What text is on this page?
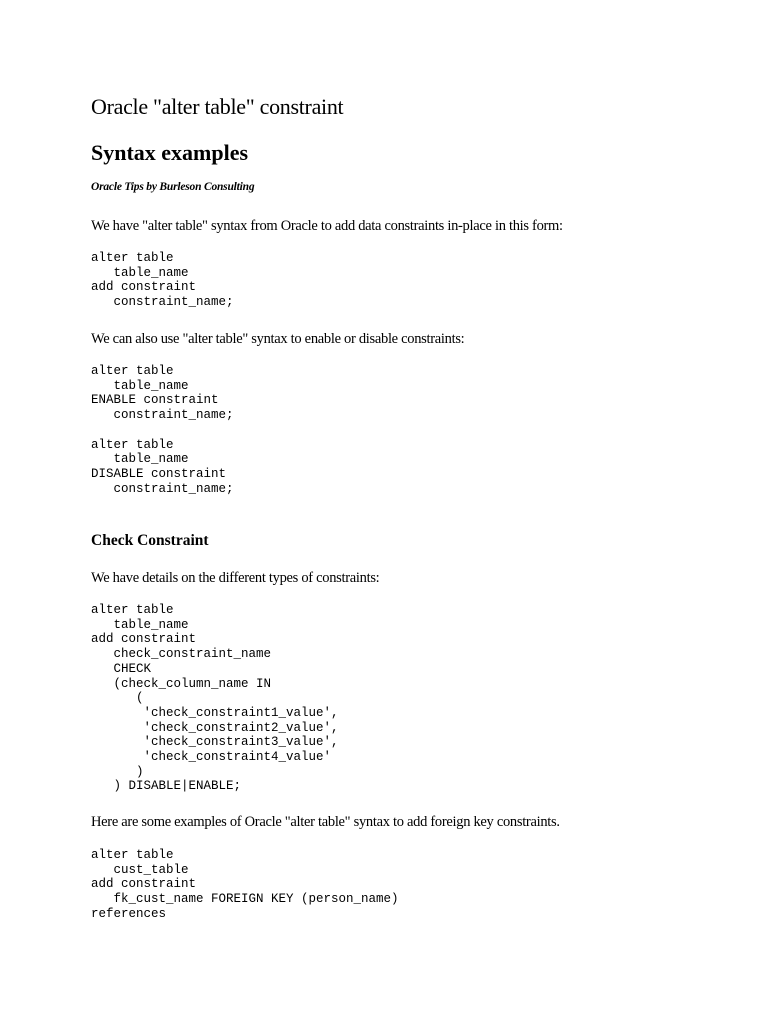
Oracle "alter table" constraint
Syntax examples

Oracle Tips by Burleson Consulting

We have "alter table" syntax from Oracle to add data constraints in-place in this form:

alter table
table_name
add constraint
constraint_name;

We can also use "alter table" syntax to enable or disable constraints:

alter table
table_name
ENABLE constraint
constraint_name;

alter table
table_name
DISABLE constraint
constraint_name;
Check Constraint

We have details on the different types of constraints:

alter table
table_name
add constraint
check_constraint_name
CHECK
(check_column_name IN
(
'check_constraint1_value',
'check_constraint2_value',
'check_constraint3_value',
'check_constraint4_value'
)
) DISABLE|ENABLE;

Here are some examples of Oracle "alter table" syntax to add foreign key constraints.

alter table
cust_table
add constraint
fk_cust_name FOREIGN KEY (person_name)
references
